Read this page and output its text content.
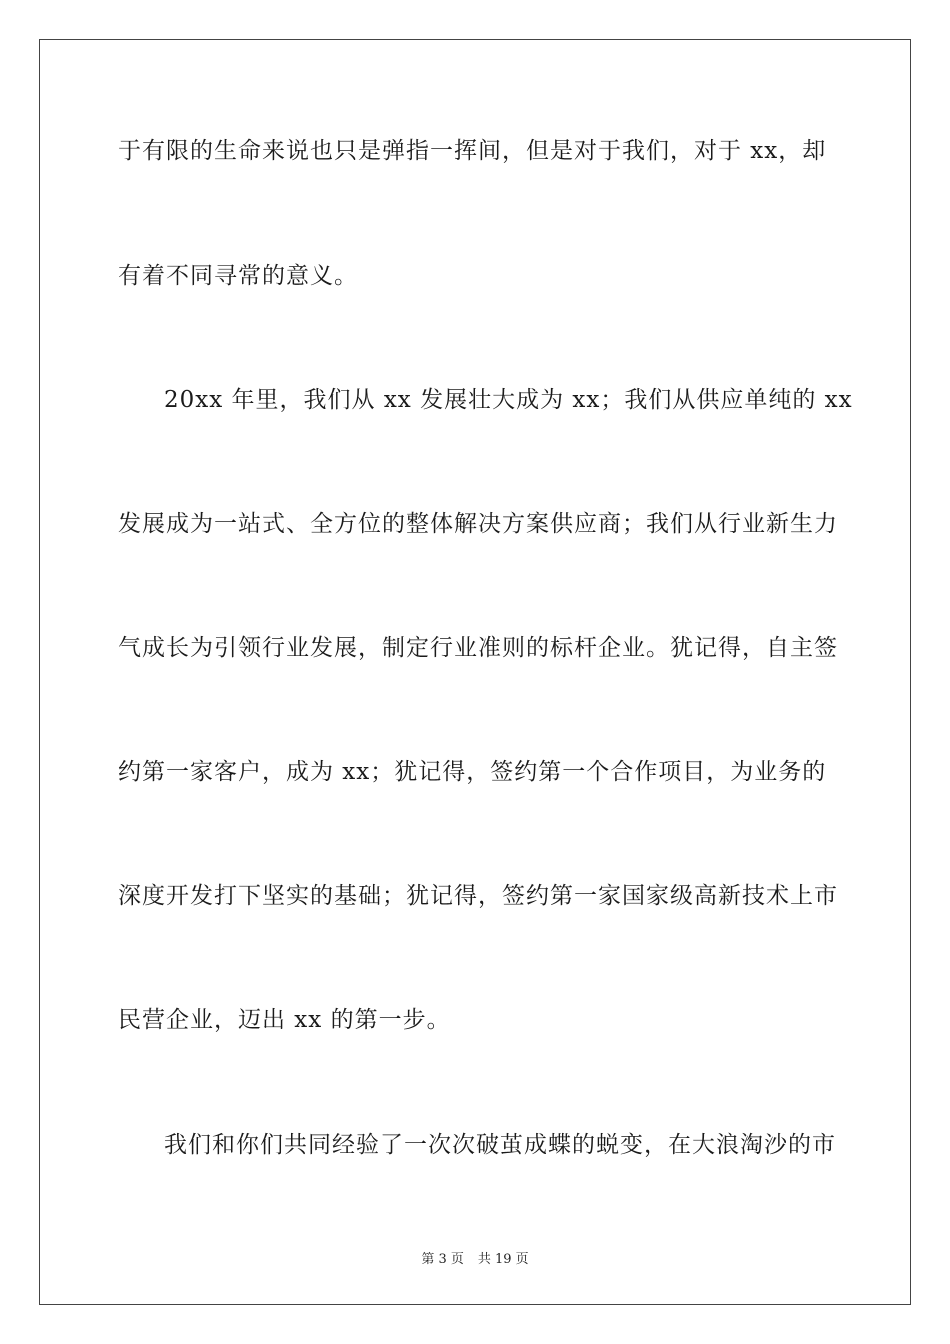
于有限的生命来说也只是弹指一挥间，但是对于我们，对于 xx，却
有着不同寻常的意义。
20xx 年里，我们从 xx 发展壮大成为 xx；我们从供应单纯的 xx
发展成为一站式、全方位的整体解决方案供应商；我们从行业新生力
气成长为引领行业发展，制定行业准则的标杆企业。犹记得，自主签
约第一家客户，成为 xx；犹记得，签约第一个合作项目，为业务的
深度开发打下坚实的基础；犹记得，签约第一家国家级高新技术上市
民营企业，迈出 xx 的第一步。
我们和你们共同经验了一次次破茧成蝶的蜕变，在大浪淘沙的市
第 3 页 共 19 页
